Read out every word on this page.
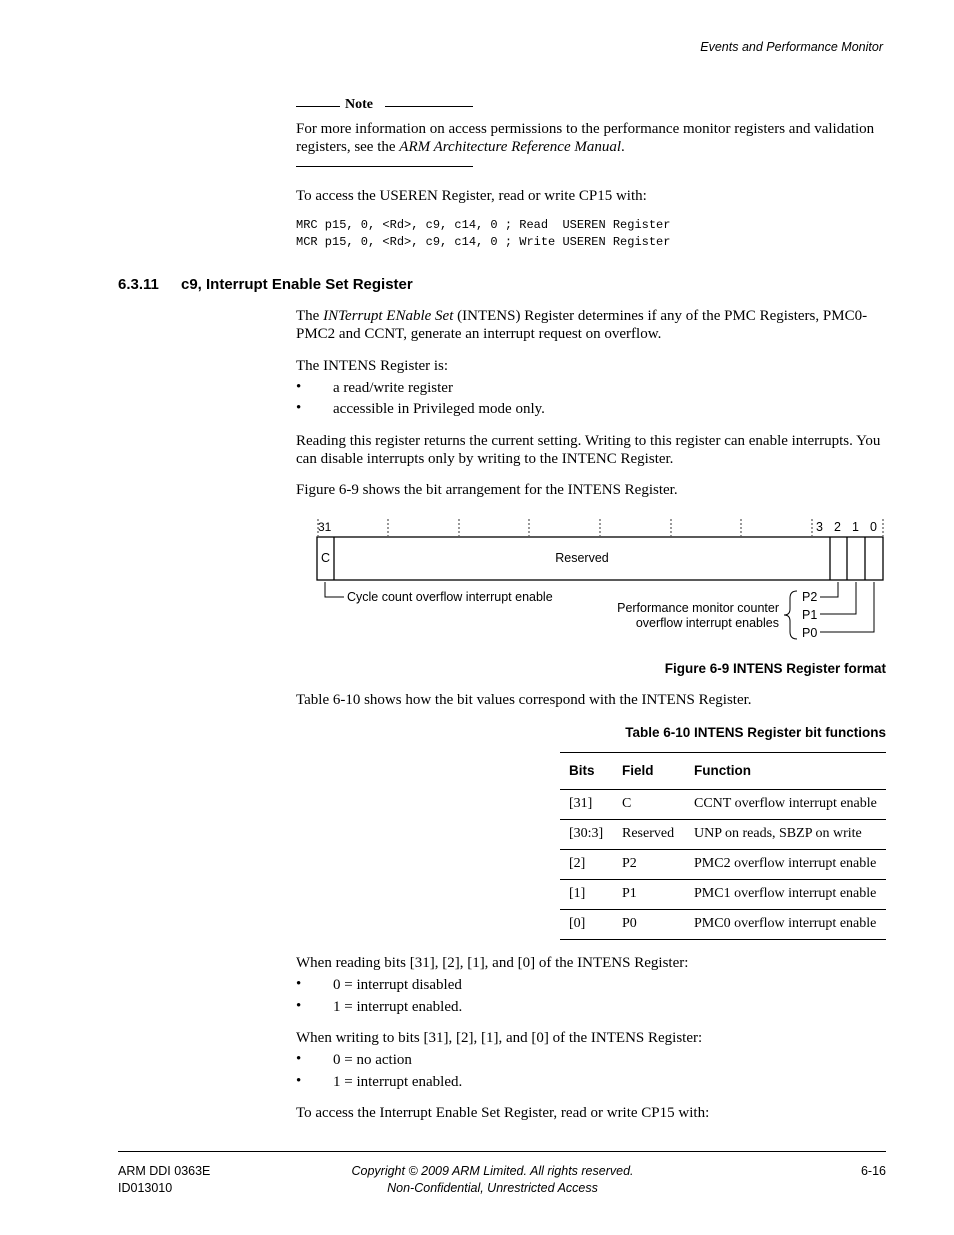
Events and Performance Monitor
Note
For more information on access permissions to the performance monitor registers and validation registers, see the ARM Architecture Reference Manual.
To access the USEREN Register, read or write CP15 with:
MRC p15, 0, <Rd>, c9, c14, 0 ; Read  USEREN Register
MCR p15, 0, <Rd>, c9, c14, 0 ; Write USEREN Register
6.3.11 c9, Interrupt Enable Set Register
The INTerrupt ENable Set (INTENS) Register determines if any of the PMC Registers, PMC0-PMC2 and CCNT, generate an interrupt request on overflow.
The INTENS Register is:
• a read/write register
• accessible in Privileged mode only.
Reading this register returns the current setting. Writing to this register can enable interrupts. You can disable interrupts only by writing to the INTENC Register.
Figure 6-9 shows the bit arrangement for the INTENS Register.
31	3 2 1 0
C	Reserved
Cycle count overflow interrupt enable
Performance monitor counter
overflow interrupt enables
P2
P1
P0
Figure 6-9 INTENS Register format
Table 6-10 shows how the bit values correspond with the INTENS Register.
Table 6-10 INTENS Register bit functions
Bits	Field	Function
[31]	C	CCNT overflow interrupt enable
[30:3]	Reserved	UNP on reads, SBZP on write
[2]	P2	PMC2 overflow interrupt enable
[1]	P1	PMC1 overflow interrupt enable
[0]	P0	PMC0 overflow interrupt enable
When reading bits [31], [2], [1], and [0] of the INTENS Register:
• 0 = interrupt disabled
• 1 = interrupt enabled.
When writing to bits [31], [2], [1], and [0] of the INTENS Register:
• 0 = no action
• 1 = interrupt enabled.
To access the Interrupt Enable Set Register, read or write CP15 with:
ARM DDI 0363E
ID013010
Copyright © 2009 ARM Limited. All rights reserved.
Non-Confidential, Unrestricted Access
6-16
